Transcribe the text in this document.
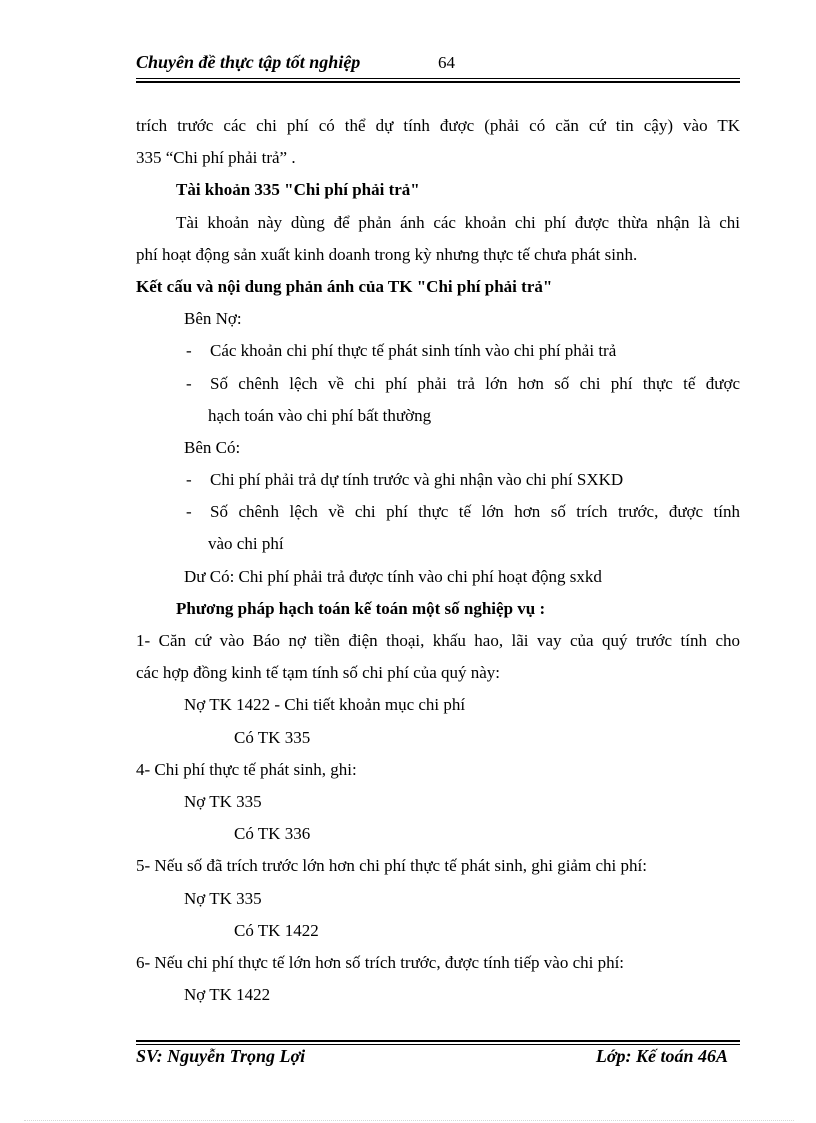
Chuyên đề thực tập tốt nghiệp	64
trích trước các chi phí có thể dự tính được (phải có căn cứ tin cậy) vào TK
335 “Chi phí phải trả” .
Tài khoản 335 "Chi phí phải trả"
Tài khoản này dùng để phản ánh các khoản chi phí được thừa nhận là chi
phí hoạt động sản xuất kinh doanh trong kỳ nhưng thực tế chưa phát sinh.
Kết cấu và nội dung phản ánh của TK "Chi phí phải trả"
Bên Nợ:
- Các khoản chi phí thực tế phát sinh tính vào chi phí phải trả
- Số chênh lệch về chi phí phải trả lớn hơn số chi phí thực tế được
hạch toán vào chi phí bất thường
Bên Có:
- Chi phí phải trả dự tính trước và ghi nhận vào chi phí SXKD
- Số chênh lệch về chi phí thực tế lớn hơn số trích trước, được tính
vào chi phí
Dư Có: Chi phí phải trả được tính vào chi phí hoạt động sxkd
Phương pháp hạch toán kế toán một số nghiệp vụ :
1- Căn cứ vào Báo nợ tiền điện thoại, khấu hao, lãi vay của quý trước tính cho
các hợp đồng kinh tế tạm tính số chi phí của quý này:
Nợ TK 1422 - Chi tiết khoản mục chi phí
Có TK 335
4- Chi phí thực tế phát sinh, ghi:
Nợ TK 335
Có TK 336
5- Nếu số đã trích trước lớn hơn chi phí thực tế phát sinh, ghi giảm chi phí:
Nợ TK 335
Có TK 1422
6- Nếu chi phí thực tế lớn hơn số trích trước, được tính tiếp vào chi phí:
Nợ TK 1422
SV: Nguyễn Trọng Lợi	Lớp: Kế toán 46A
